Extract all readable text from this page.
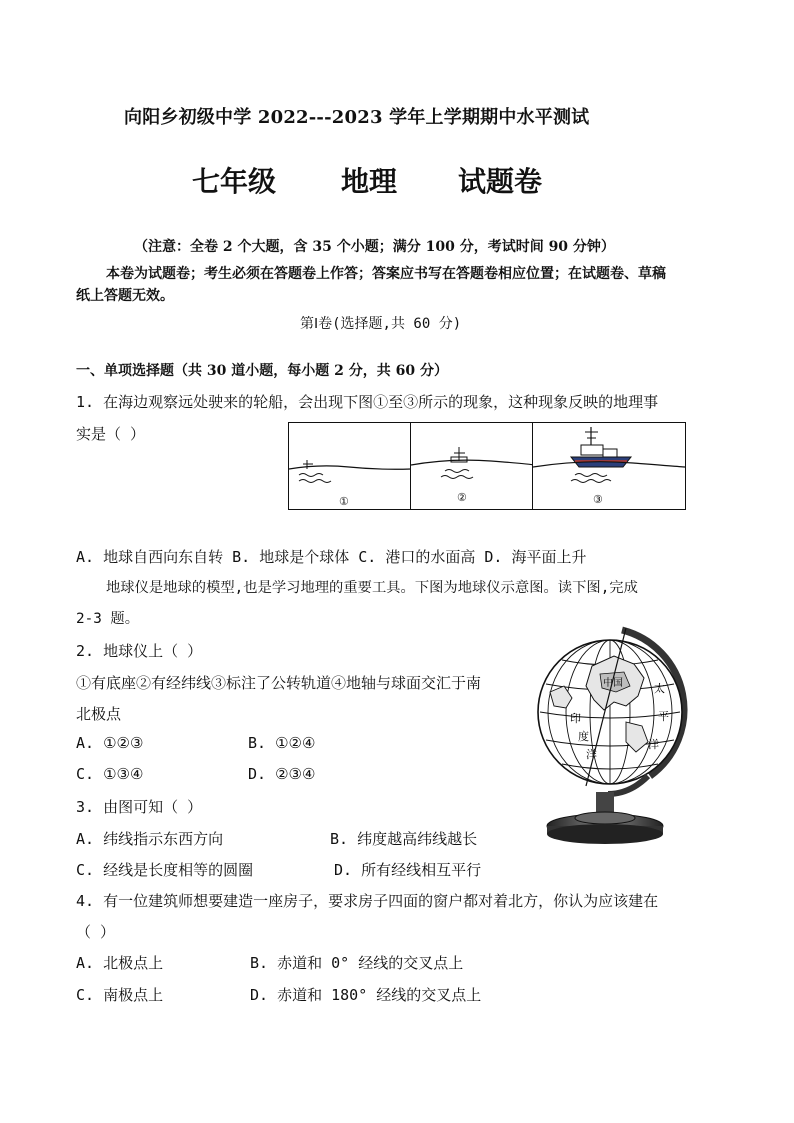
向阳乡初级中学 2022---2023 学年上学期期中水平测试
七年级 地理 试题卷
（注意：全卷 2 个大题，含 35 个小题；满分 100 分，考试时间 90 分钟）
本卷为试题卷；考生必须在答题卷上作答；答案应书写在答题卷相应位置；在试题卷、草稿
纸上答题无效。
第Ⅰ卷(选择题,共 60 分)
一、单项选择题（共 30 道小题，每小题 2 分，共 60 分）
1. 在海边观察远处驶来的轮船，会出现下图①至③所示的现象，这种现象反映的地理事
实是（ ）
①	②	③
A. 地球自西向东自转 B. 地球是个球体 C. 港口的水面高 D. 海平面上升
地球仪是地球的模型,也是学习地理的重要工具。下图为地球仪示意图。读下图,完成
2-3 题。
2. 地球仪上（ ）
①有底座②有经纬线③标注了公转轨道④地轴与球面交汇于南
北极点
A. ①②③	B. ①②④
C. ①③④	D. ②③④
3. 由图可知（ ）
A. 纬线指示东西方向	B. 纬度越高纬线越长
C. 经线是长度相等的圆圈	D. 所有经线相互平行
中国	太
平
洋
印
度
洋
4. 有一位建筑师想要建造一座房子，要求房子四面的窗户都对着北方，你认为应该建在
（ ）
A. 北极点上	B. 赤道和 0° 经线的交叉点上
C. 南极点上	D. 赤道和 180° 经线的交叉点上
